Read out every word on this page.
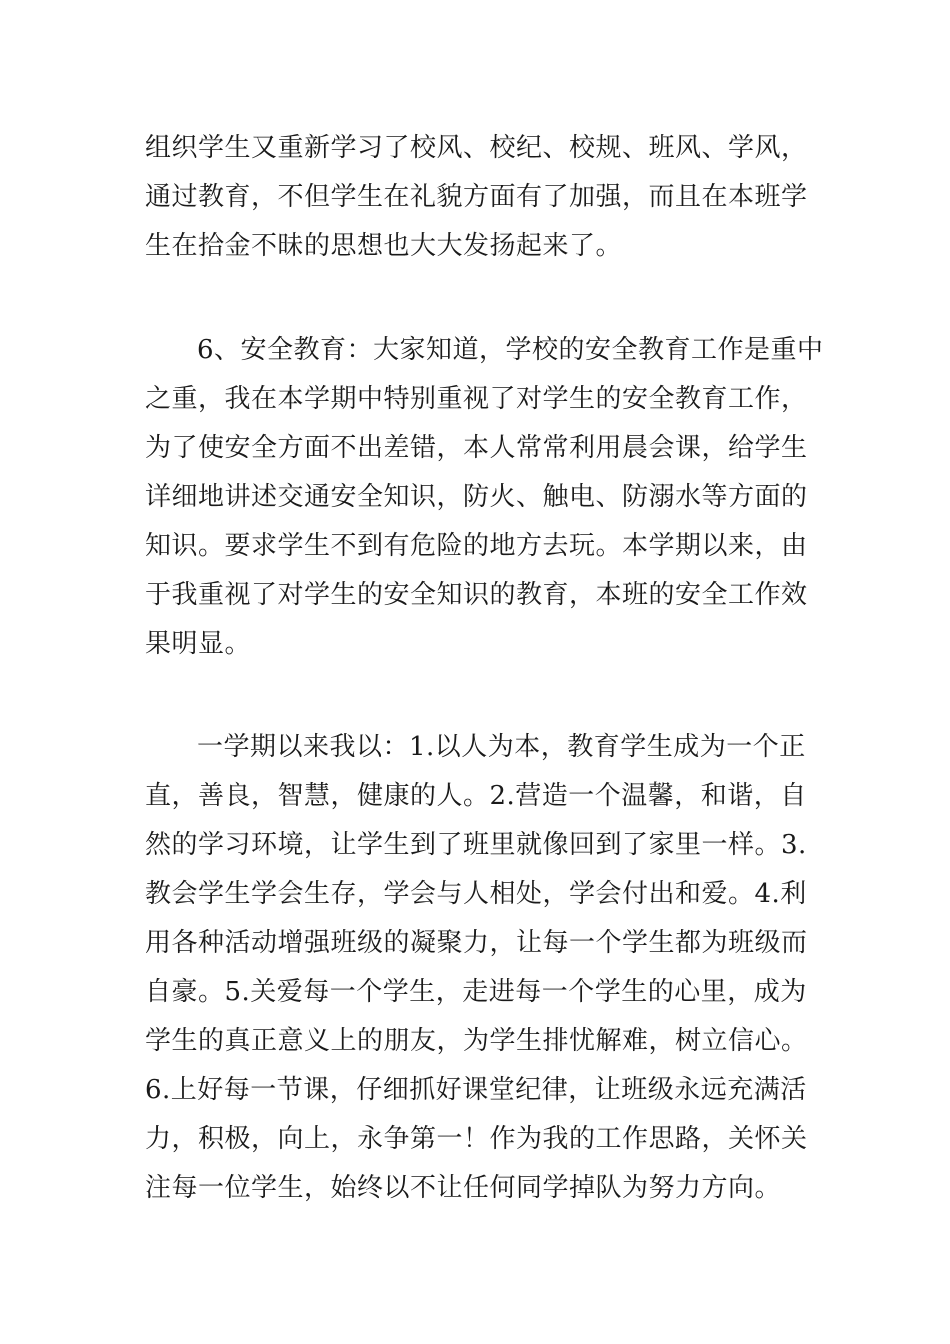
组织学生又重新学习了校风、校纪、校规、班风、学风，
通过教育，不但学生在礼貌方面有了加强，而且在本班学
生在拾金不昧的思想也大大发扬起来了。
6、安全教育：大家知道，学校的安全教育工作是重中
之重，我在本学期中特别重视了对学生的安全教育工作，
为了使安全方面不出差错，本人常常利用晨会课，给学生
详细地讲述交通安全知识，防火、触电、防溺水等方面的
知识。要求学生不到有危险的地方去玩。本学期以来，由
于我重视了对学生的安全知识的教育，本班的安全工作效
果明显。
一学期以来我以：1.以人为本，教育学生成为一个正
直，善良，智慧，健康的人。2.营造一个温馨，和谐，自
然的学习环境，让学生到了班里就像回到了家里一样。3.
教会学生学会生存，学会与人相处，学会付出和爱。4.利
用各种活动增强班级的凝聚力，让每一个学生都为班级而
自豪。5.关爱每一个学生，走进每一个学生的心里，成为
学生的真正意义上的朋友，为学生排忧解难，树立信心。
6.上好每一节课，仔细抓好课堂纪律，让班级永远充满活
力，积极，向上，永争第一！作为我的工作思路，关怀关
注每一位学生，始终以不让任何同学掉队为努力方向。
